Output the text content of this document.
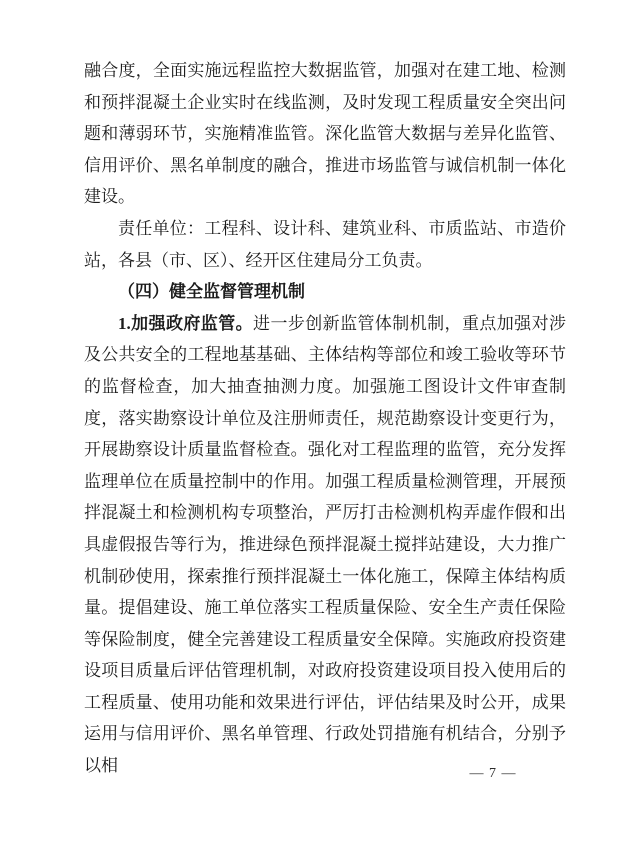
融合度，全面实施远程监控大数据监管，加强对在建工地、检测和预拌混凝土企业实时在线监测，及时发现工程质量安全突出问题和薄弱环节，实施精准监管。深化监管大数据与差异化监管、信用评价、黑名单制度的融合，推进市场监管与诚信机制一体化建设。

责任单位：工程科、设计科、建筑业科、市质监站、市造价站，各县（市、区）、经开区住建局分工负责。

（四）健全监督管理机制

1.加强政府监管。进一步创新监管体制机制，重点加强对涉及公共安全的工程地基基础、主体结构等部位和竣工验收等环节的监督检查，加大抽查抽测力度。加强施工图设计文件审查制度，落实勘察设计单位及注册师责任，规范勘察设计变更行为，开展勘察设计质量监督检查。强化对工程监理的监管，充分发挥监理单位在质量控制中的作用。加强工程质量检测管理，开展预拌混凝土和检测机构专项整治，严厉打击检测机构弄虚作假和出具虚假报告等行为，推进绿色预拌混凝土搅拌站建设，大力推广机制砂使用，探索推行预拌混凝土一体化施工，保障主体结构质量。提倡建设、施工单位落实工程质量保险、安全生产责任保险等保险制度，健全完善建设工程质量安全保障。实施政府投资建设项目质量后评估管理机制，对政府投资建设项目投入使用后的工程质量、使用功能和效果进行评估，评估结果及时公开，成果运用与信用评价、黑名单管理、行政处罚措施有机结合，分别予以相	— 7 —
